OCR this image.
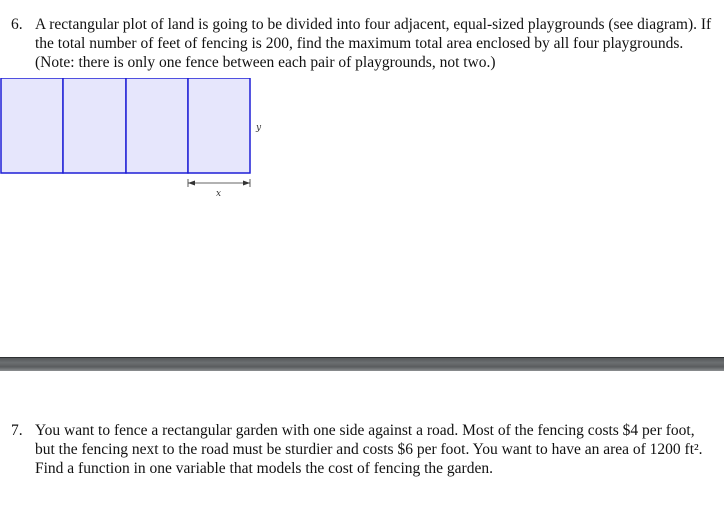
6. A rectangular plot of land is going to be divided into four adjacent, equal-sized playgrounds (see diagram). If the total number of feet of fencing is 200, find the maximum total area enclosed by all four playgrounds. (Note: there is only one fence between each pair of playgrounds, not two.)
x
y
7. You want to fence a rectangular garden with one side against a road. Most of the fencing costs $4 per foot, but the fencing next to the road must be sturdier and costs $6 per foot. You want to have an area of 1200 ft². Find a function in one variable that models the cost of fencing the garden.
